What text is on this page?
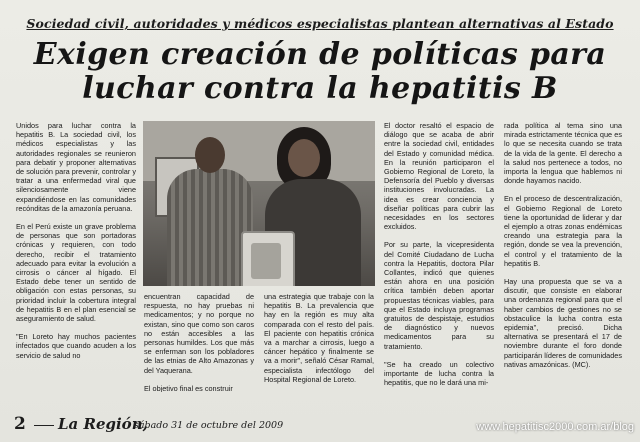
Sociedad civil, autoridades y médicos especialistas plantean alternativas al Estado
Exigen creación de políticas para
luchar contra la hepatitis B

Unidos para luchar contra la hepatitis B. La sociedad civil, los médicos especialistas y las autoridades regionales se reunieron para debatir y proponer alternativas de solución para prevenir, controlar y tratar a una enfermedad viral que silenciosamente viene expandiéndose en las comunidades recónditas de la amazonía peruana.

En el Perú existe un grave problema de personas que son portadoras crónicas y requieren, con todo derecho, recibir el tratamiento adecuado para evitar la evolución a cirrosis o cáncer al hígado. El Estado debe tener un sentido de obligación con estas personas, su prioridad incluir la cobertura integral de hepatitis B en el plan esencial se aseguramiento de salud.

"En Loreto hay muchos pacientes infectados que cuando acuden a los servicio de salud no

encuentran capacidad de respuesta, no hay pruebas ni medicamentos; y no porque no existan, sino que como son caros no están accesibles a las personas humildes. Los que más se enferman son los pobladores de las etnias de Alto Amazonas y del Yaquerana.

El objetivo final es construir

una estrategia que trabaje con la hepatitis B. La prevalencia que hay en la región es muy alta comparada con el resto del país. El paciente con hepatitis crónica va a marchar a cirrosis, luego a cáncer hepático y finalmente se va a morir", señaló César Ramal, especialista infectólogo del Hospital Regional de Loreto.

El doctor resaltó el espacio de diálogo que se acaba de abrir entre la sociedad civil, entidades del Estado y comunidad médica. En la reunión participaron el Gobierno Regional de Loreto, la Defensoría del Pueblo y diversas instituciones involucradas. La idea es crear conciencia y diseñar políticas para cubrir las necesidades en los sectores excluidos.

Por su parte, la vicepresidenta del Comité Ciudadano de Lucha contra la Hepatitis, doctora Pilar Collantes, indicó que quienes están ahora en una posición crítica también deben aportar propuestas técnicas viables, para que el Estado incluya programas gratuitos de despistaje, estudios de diagnóstico y nuevos medicamentos para su tratamiento.

"Se ha creado un colectivo importante de lucha contra la hepatitis, que no le dará una mi-

rada política al tema sino una mirada estrictamente técnica que es lo que se necesita cuando se trata de la vida de la gente. El derecho a la salud nos pertenece a todos, no importa la lengua que hablemos ni donde hayamos nacido.

En el proceso de descentralización, el Gobierno Regional de Loreto tiene la oportunidad de liderar y dar el ejemplo a otras zonas endémicas creando una estrategia para la región, donde se vea la prevención, el control y el tratamiento de la hepatitis B.

Hay una propuesta que se va a discutir, que consiste en elaborar una ordenanza regional para que el haber cambios de gestiones no se obstaculice la lucha contra esta epidemia", precisó. Dicha alternativa se presentará el 17 de noviembre durante el foro donde participarán líderes de comunidades nativas amazónicas. (MC).

2 La Región,
sábado 31 de octubre del 2009	www.hepatitisc2000.com.ar/blog
